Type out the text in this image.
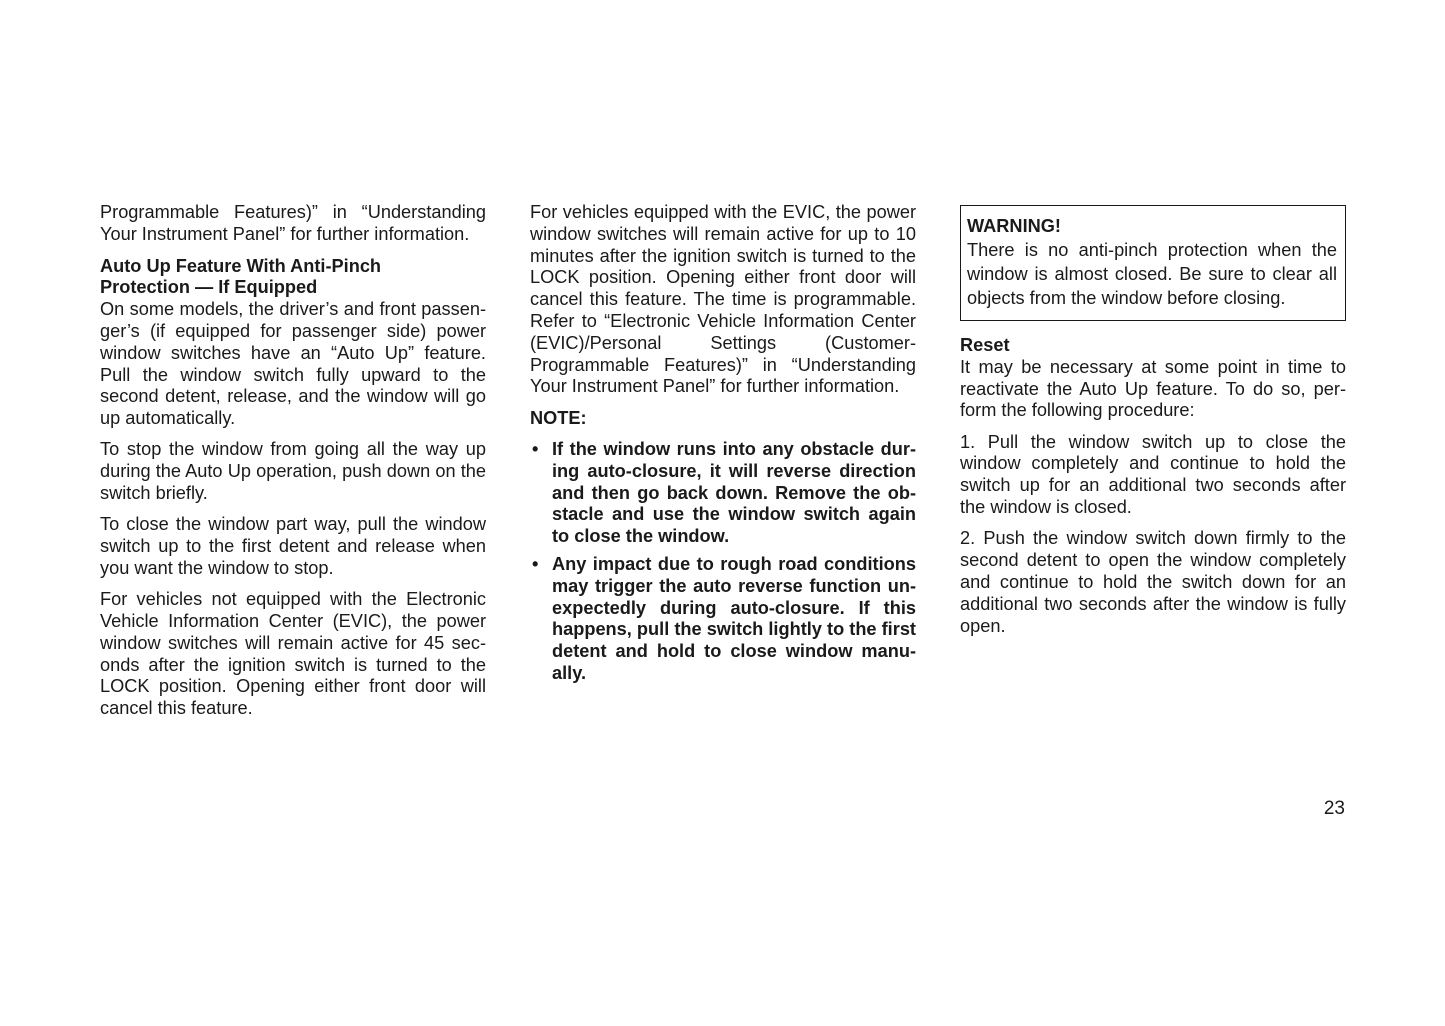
Programmable Features)” in “Understanding Your Instrument Panel” for further information.

Auto Up Feature With Anti-Pinch
Protection — If Equipped

On some models, the driver’s and front passenger’s (if equipped for passenger side) power window switches have an “Auto Up” feature. Pull the window switch fully upward to the second detent, release, and the window will go up automatically.

To stop the window from going all the way up during the Auto Up operation, push down on the switch briefly.

To close the window part way, pull the window switch up to the first detent and release when you want the window to stop.

For vehicles not equipped with the Electronic Vehicle Information Center (EVIC), the power window switches will remain active for 45 seconds after the ignition switch is turned to the LOCK position. Opening either front door will cancel this feature.

For vehicles equipped with the EVIC, the power window switches will remain active for up to 10 minutes after the ignition switch is turned to the LOCK position. Opening either front door will cancel this feature. The time is programmable. Refer to “Electronic Vehicle Information Center (EVIC)/Personal Settings (Customer-Programmable Features)” in “Understanding Your Instrument Panel” for further information.

NOTE:

• If the window runs into any obstacle during auto-closure, it will reverse direction and then go back down. Remove the obstacle and use the window switch again to close the window.
• Any impact due to rough road conditions may trigger the auto reverse function unexpectedly during auto-closure. If this happens, pull the switch lightly to the first detent and hold to close window manually.
WARNING!
There is no anti-pinch protection when the window is almost closed. Be sure to clear all objects from the window before closing.
Reset

It may be necessary at some point in time to reactivate the Auto Up feature. To do so, perform the following procedure:

1. Pull the window switch up to close the window completely and continue to hold the switch up for an additional two seconds after the window is closed.

2. Push the window switch down firmly to the second detent to open the window completely and continue to hold the switch down for an additional two seconds after the window is fully open.

23
